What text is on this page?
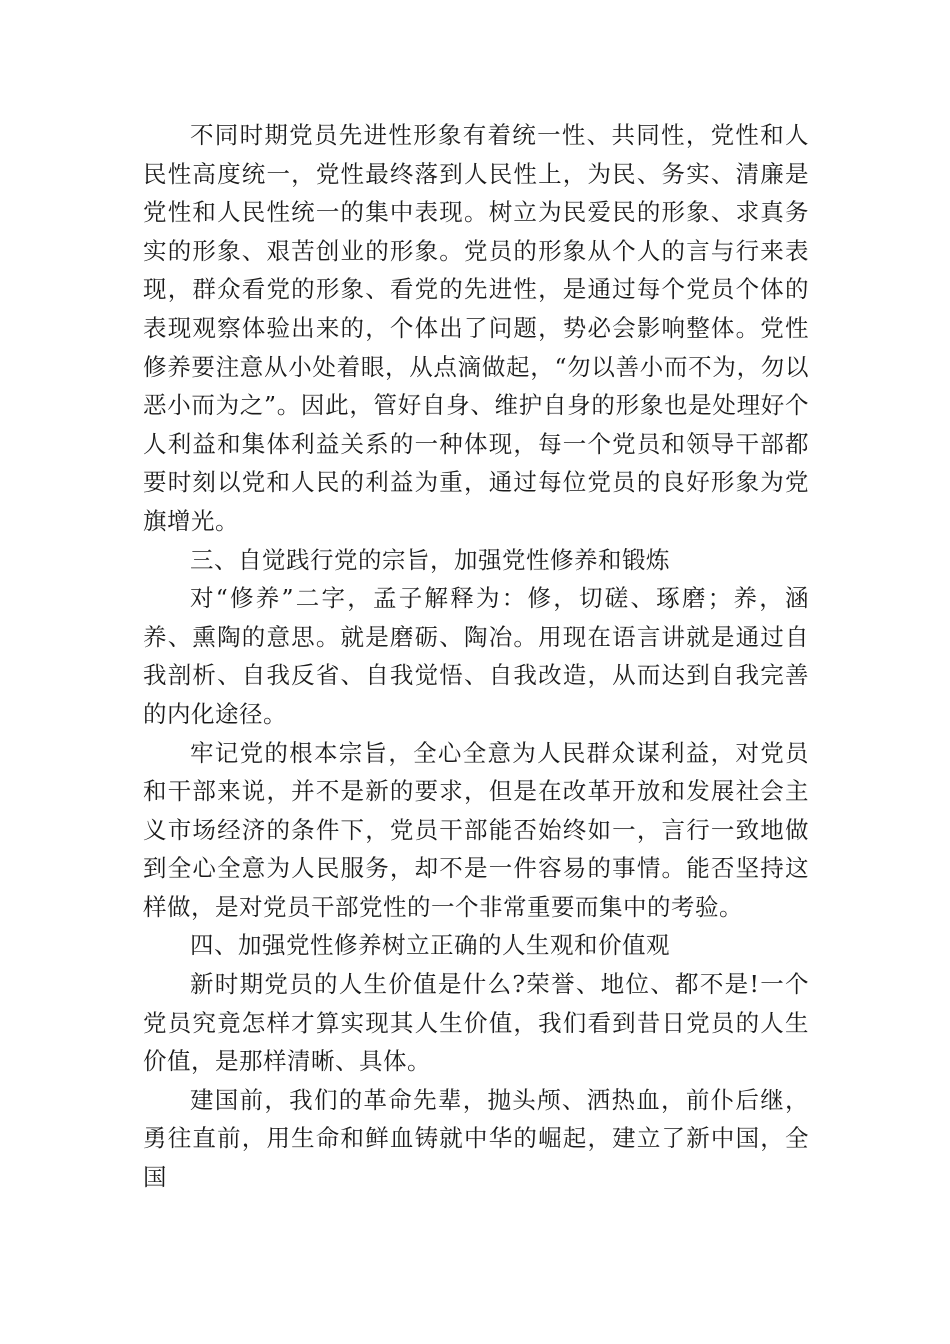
不同时期党员先进性形象有着统一性、共同性，党性和人民性高度统一，党性最终落到人民性上，为民、务实、清廉是党性和人民性统一的集中表现。树立为民爱民的形象、求真务实的形象、艰苦创业的形象。党员的形象从个人的言与行来表现，群众看党的形象、看党的先进性，是通过每个党员个体的表现观察体验出来的，个体出了问题，势必会影响整体。党性修养要注意从小处着眼，从点滴做起，“勿以善小而不为，勿以恶小而为之”。因此，管好自身、维护自身的形象也是处理好个人利益和集体利益关系的一种体现，每一个党员和领导干部都要时刻以党和人民的利益为重，通过每位党员的良好形象为党旗增光。

三、自觉践行党的宗旨，加强党性修养和锻炼

对“修养”二字，孟子解释为：修，切磋、琢磨；养，涵养、熏陶的意思。就是磨砺、陶冶。用现在语言讲就是通过自我剖析、自我反省、自我觉悟、自我改造，从而达到自我完善的内化途径。

牢记党的根本宗旨，全心全意为人民群众谋利益，对党员和干部来说，并不是新的要求，但是在改革开放和发展社会主义市场经济的条件下，党员干部能否始终如一，言行一致地做到全心全意为人民服务，却不是一件容易的事情。能否坚持这样做，是对党员干部党性的一个非常重要而集中的考验。

四、加强党性修养树立正确的人生观和价值观

新时期党员的人生价值是什么?荣誉、地位、都不是!一个党员究竟怎样才算实现其人生价值，我们看到昔日党员的人生价值，是那样清晰、具体。

建国前，我们的革命先辈，抛头颅、洒热血，前仆后继，勇往直前，用生命和鲜血铸就中华的崛起，建立了新中国，全国
